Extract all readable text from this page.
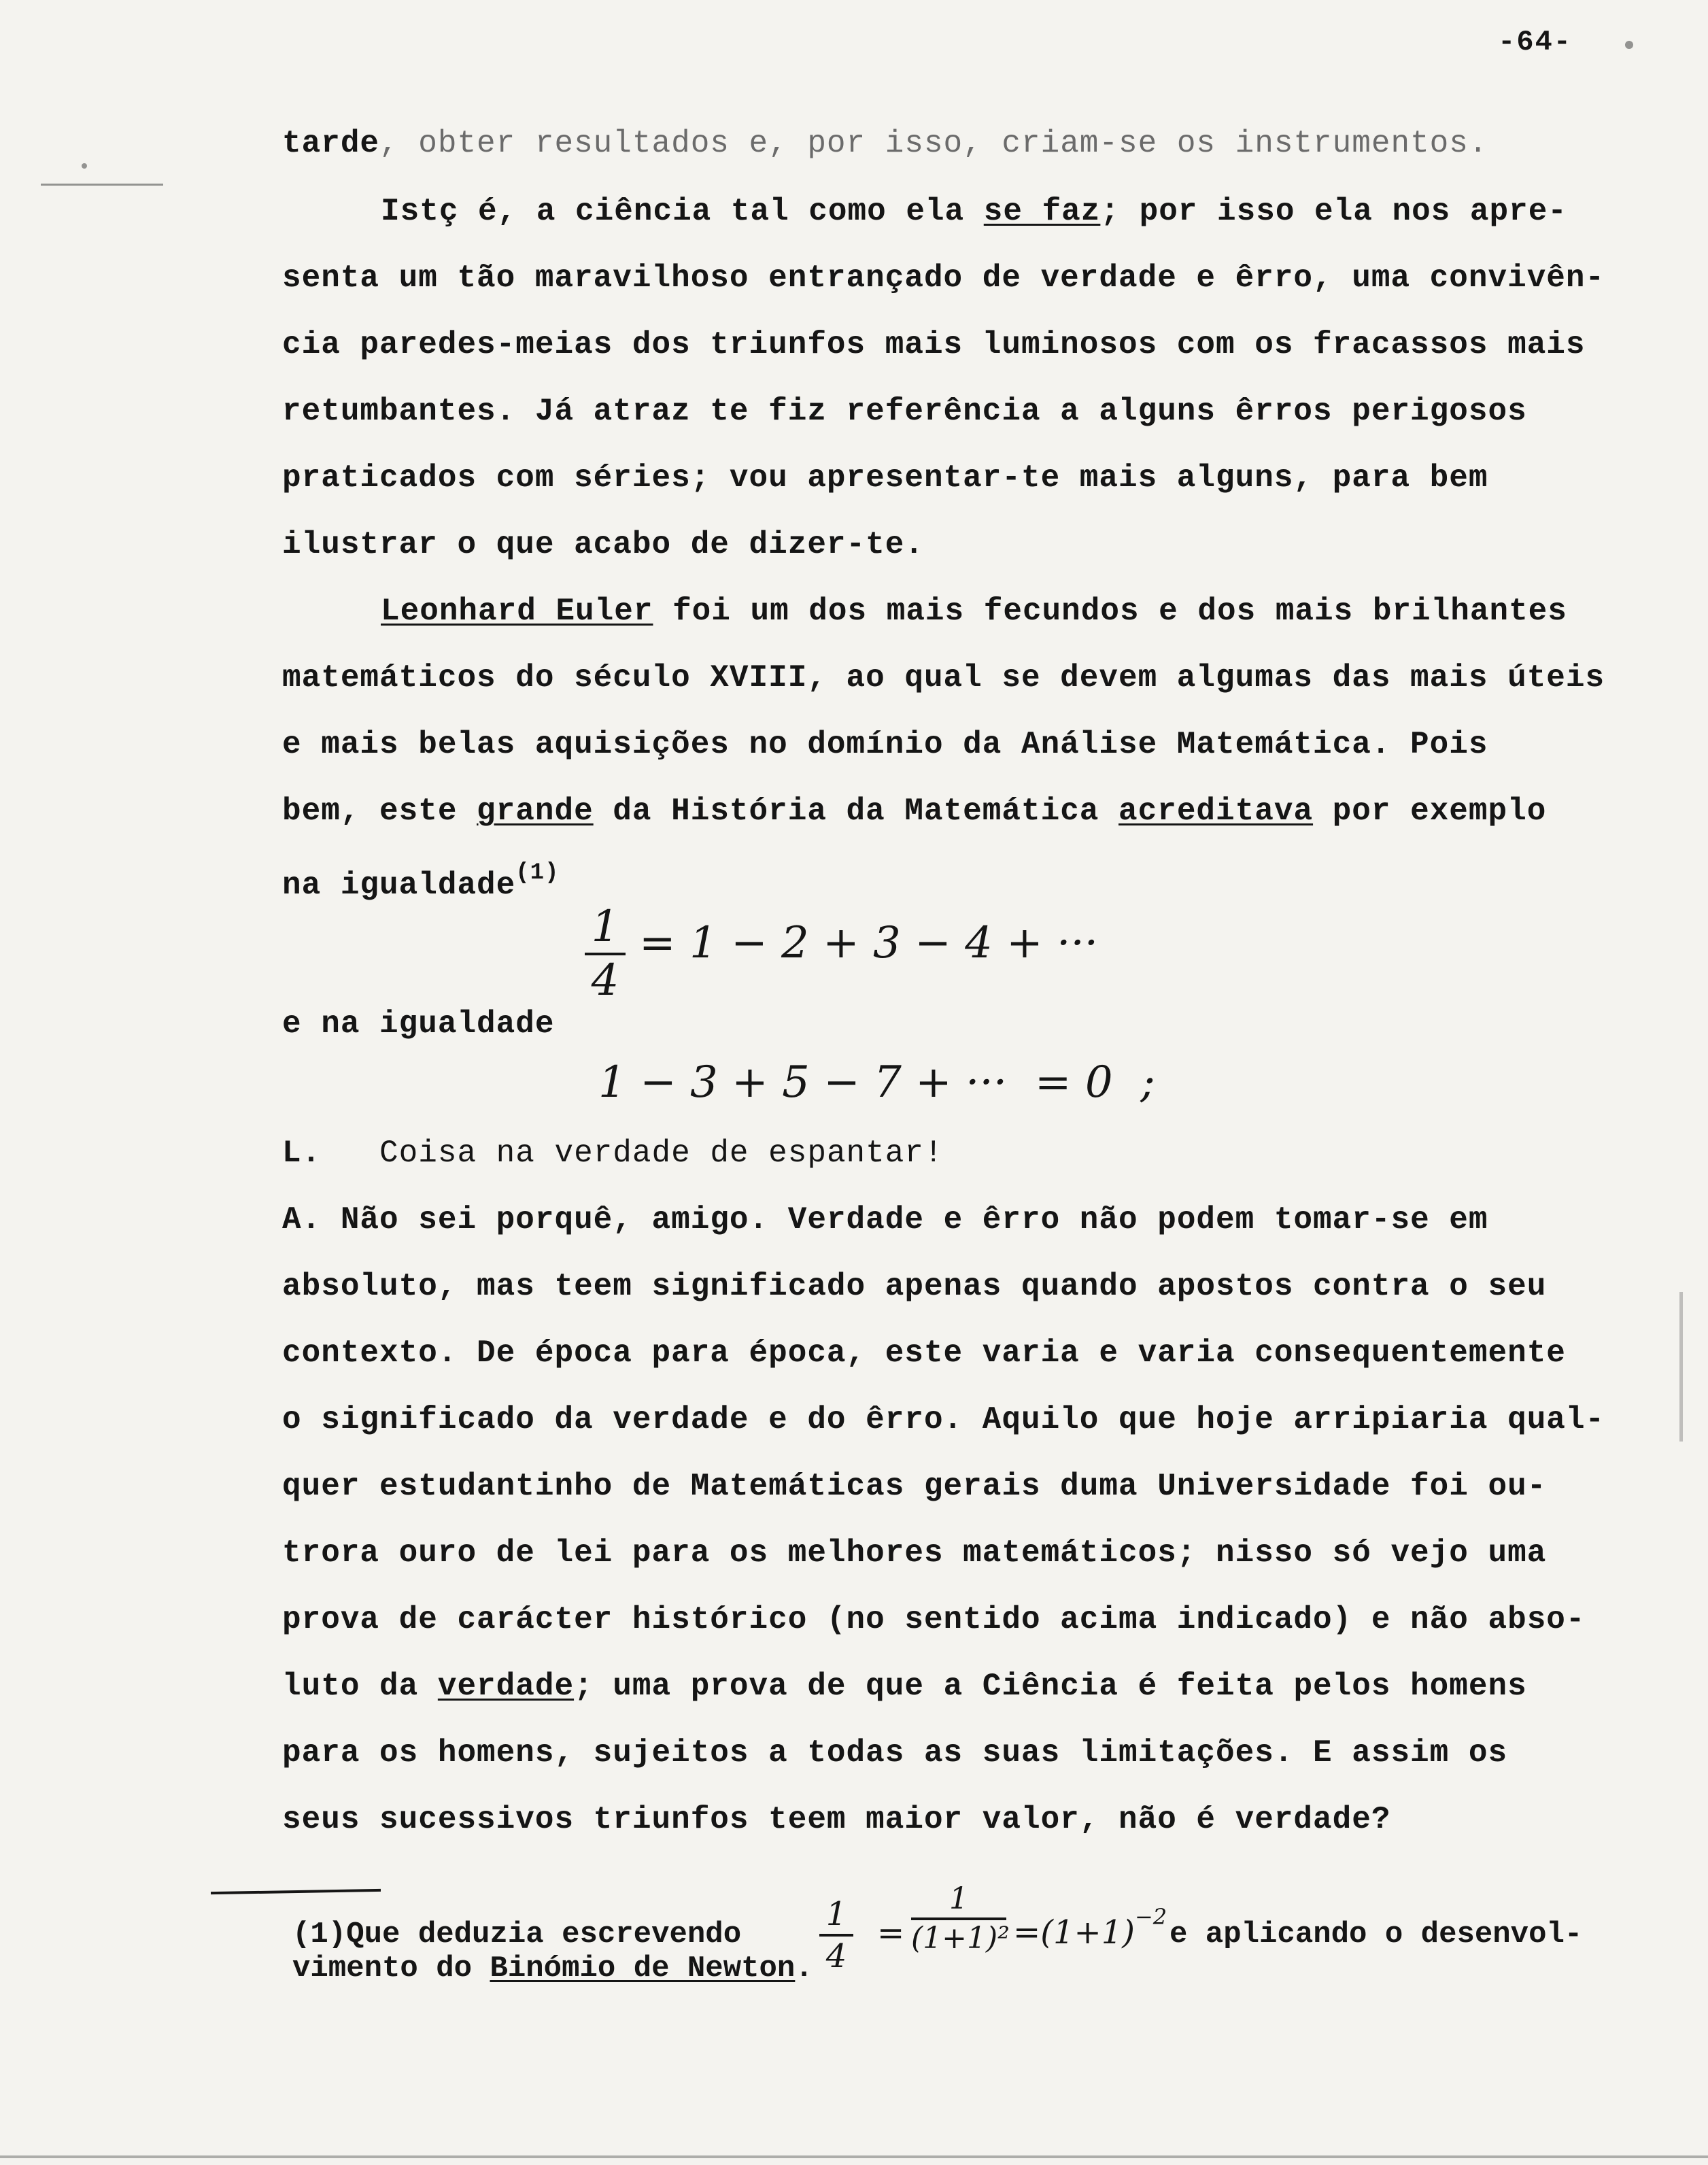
-64-
tarde, obter resultados e, por isso, criam-se os instrumentos.
Istç é, a ciência tal como ela se faz; por isso ela nos apre-
senta um tão maravilhoso entrançado de verdade e êrro, uma convivên-
cia paredes-meias dos triunfos mais luminosos com os fracassos mais
retumbantes. Já atraz te fiz referência a alguns êrros perigosos
praticados com séries; vou apresentar-te mais alguns, para bem
ilustrar o que acabo de dizer-te.
Leonhard Euler foi um dos mais fecundos e dos mais brilhantes
matemáticos do século XVIII, ao qual se devem algumas das mais úteis
e mais belas aquisições no domínio da Análise Matemática. Pois
bem, este grande da História da Matemática acreditava por exemplo
na igualdade$^{(1)}$
1
4
= 1 − 2 + 3 − 4 + ···
e na igualdade
1 − 3 + 5 − 7 + ···  = 0  ;
L. Coisa na verdade de espantar!
A. Não sei porquê, amigo. Verdade e êrro não podem tomar-se em
absoluto, mas teem significado apenas quando apostos contra o seu
contexto. De época para época, este varia e varia consequentemente
o significado da verdade e do êrro. Aquilo que hoje arripiaria qual-
quer estudantinho de Matemáticas gerais duma Universidade foi ou-
trora ouro de lei para os melhores matemáticos; nisso só vejo uma
prova de carácter histórico (no sentido acima indicado) e não abso-
luto da verdade; uma prova de que a Ciência é feita pelos homens
para os homens, sujeitos a todas as suas limitações. E assim os
seus sucessivos triunfos teem maior valor, não é verdade?
(1)Que deduzia escrevendo
1
4
=
1
$(1+1)^2 =(1+1)^{-2}$
e aplicando o desenvol-
vimento do Binómio de Newton.
